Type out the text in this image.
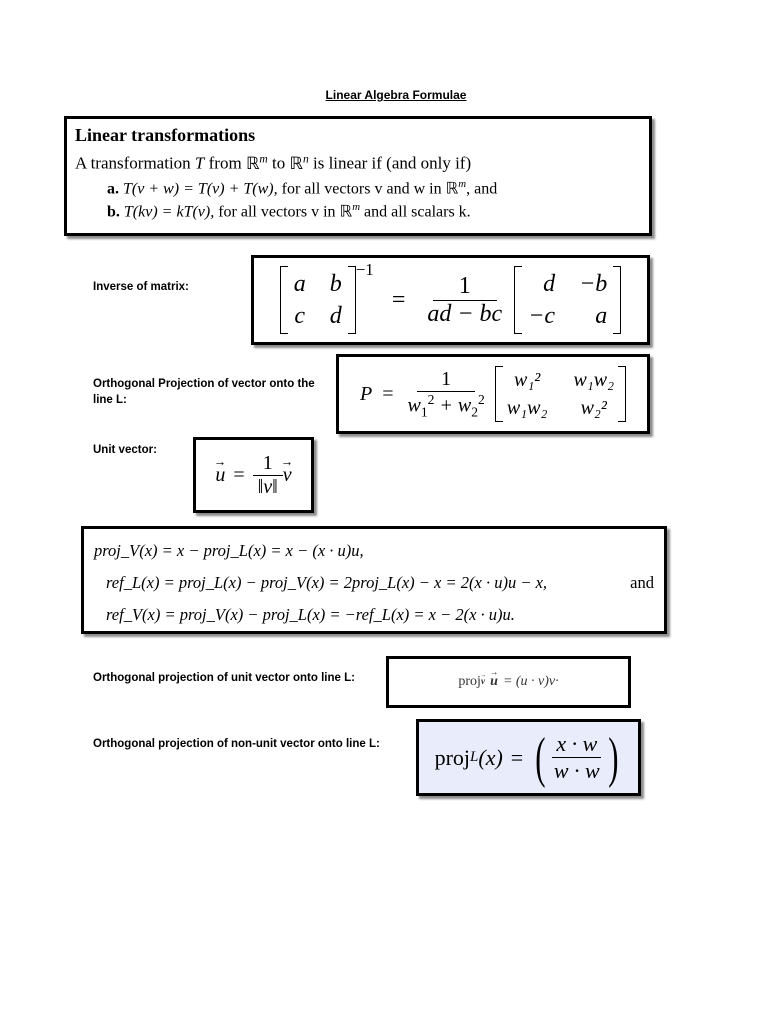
Linear Algebra Formulae
Linear transformations
A transformation T from ℝ$^m$ to ℝ$^n$ is linear if (and only if)
a. T(v + w) = T(v) + T(w), for all vectors v and w in ℝ$^m$, and
b. T(kv) = kT(v), for all vectors v in ℝ$^m$ and all scalars k.
Inverse of matrix:	a b
c d
$^{-1}$
= $\frac{1}{ad - bc}$	d −b
−c	a
Orthogonal Projection of vector onto the line L:	$P = \frac{1}{w_1^2 + w_2^2}$	w₁²	w₁w₂
w₁w₂	w₂²
Unit vector:
→ $u = \frac{1}{‖v‖}$
→ v
proj_V(x) = x − proj_L(x) = x − (x · u)u,
ref_L(x) = proj_L(x) − proj_V(x) = 2proj_L(x) − x = 2(x · u)u − x,	and
ref_V(x) = proj_V(x) − proj_L(x) = −ref_L(x) = x − 2(x · u)u.
Orthogonal projection of unit vector onto line L:	proj
→ v
→ u = (u · v)v·
Orthogonal projection of non-unit vector onto line L:
proj L (x) = ( $\frac{x \cdot w}{w \cdot w}$ )
